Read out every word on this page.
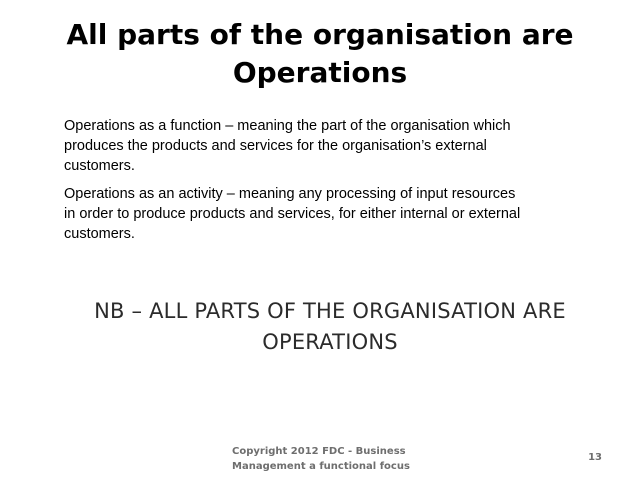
All parts of the organisation are
Operations
Operations as a function – meaning the part of the organisation which
produces the products and services for the organisation’s external
customers.
Operations as an activity – meaning any processing of input resources
in order to produce products and services, for either internal or external
customers.
NB – ALL PARTS OF THE ORGANISATION ARE
OPERATIONS
Copyright 2012 FDC - Business
Management a functional focus
13
